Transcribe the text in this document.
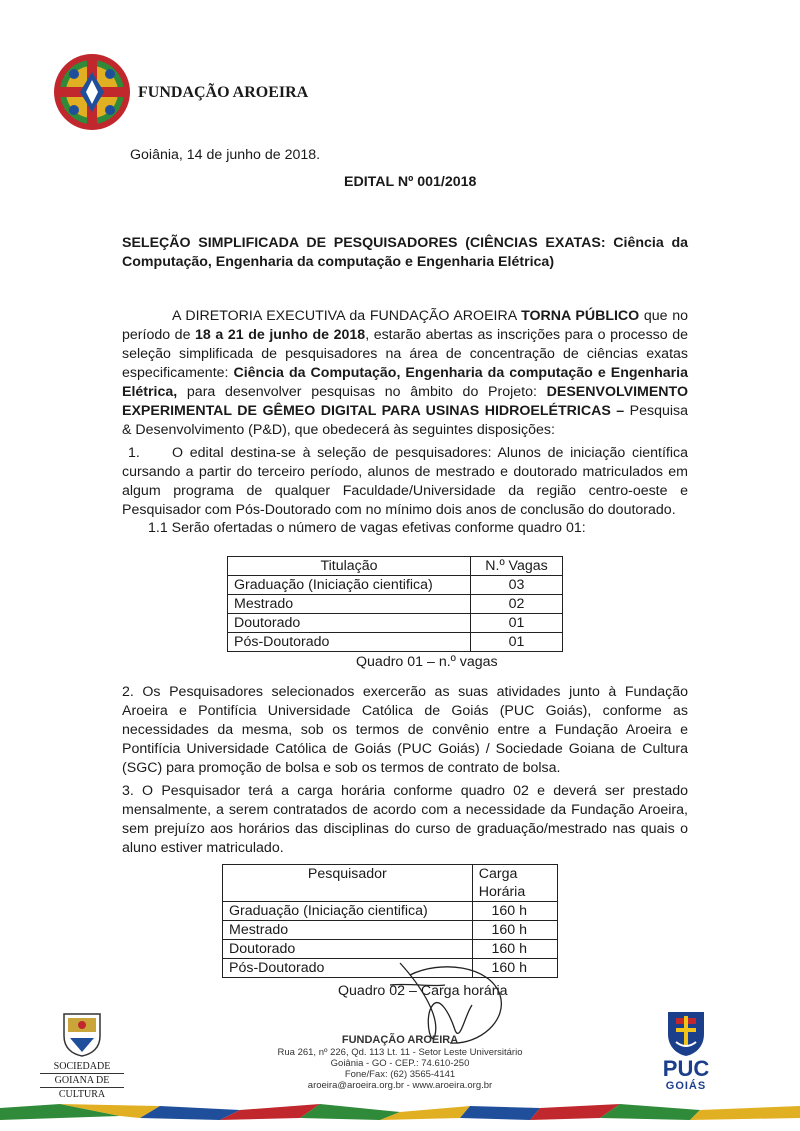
FUNDAÇÃO AROEIRA
Goiânia, 14 de junho de 2018.
EDITAL Nº 001/2018

SELEÇÃO SIMPLIFICADA DE PESQUISADORES (CIÊNCIAS EXATAS: Ciência da Computação, Engenharia da computação e Engenharia Elétrica)

A DIRETORIA EXECUTIVA da FUNDAÇÃO AROEIRA TORNA PÚBLICO que no período de 18 a 21 de junho de 2018, estarão abertas as inscrições para o processo de seleção simplificada de pesquisadores na área de concentração de ciências exatas especificamente: Ciência da Computação, Engenharia da computação e Engenharia Elétrica, para desenvolver pesquisas no âmbito do Projeto: DESENVOLVIMENTO EXPERIMENTAL DE GÊMEO DIGITAL PARA USINAS HIDROELÉTRICAS – Pesquisa & Desenvolvimento (P&D), que obedecerá às seguintes disposições:

1. O edital destina-se à seleção de pesquisadores: Alunos de iniciação científica cursando a partir do terceiro período, alunos de mestrado e doutorado matriculados em algum programa de qualquer Faculdade/Universidade da região centro-oeste e Pesquisador com Pós-Doutorado com no mínimo dois anos de conclusão do doutorado.

1.1 Serão ofertadas o número de vagas efetivas conforme quadro 01:
Titulação	N.º Vagas
Graduação (Iniciação cientifica)	03
Mestrado	02
Doutorado	01
Pós-Doutorado	01
Quadro 01 – n.º vagas

2. Os Pesquisadores selecionados exercerão as suas atividades junto à Fundação Aroeira e Pontifícia Universidade Católica de Goiás (PUC Goiás), conforme as necessidades da mesma, sob os termos de convênio entre a Fundação Aroeira e Pontifícia Universidade Católica de Goiás (PUC Goiás) / Sociedade Goiana de Cultura (SGC) para promoção de bolsa e sob os termos de contrato de bolsa.

3. O Pesquisador terá a carga horária conforme quadro 02 e deverá ser prestado mensalmente, a serem contratados de acordo com a necessidade da Fundação Aroeira, sem prejuízo aos horários das disciplinas do curso de graduação/mestrado nas quais o aluno estiver matriculado.

Pesquisador	Carga Horária
Graduação (Iniciação cientifica)	160 h
Mestrado	160 h
Doutorado	160 h
Pós-Doutorado	160 h
Quadro 02 – Carga horária
SOCIEDADE
GOIANA DE
CULTURA
FUNDAÇÃO AROEIRA
Rua 261, nº 226, Qd. 113 Lt. 11 - Setor Leste Universitário
Goiânia - GO - CEP.: 74.610-250
Fone/Fax: (62) 3565-4141
aroeira@aroeira.org.br - www.aroeira.org.br
PUC
GOIÁS
